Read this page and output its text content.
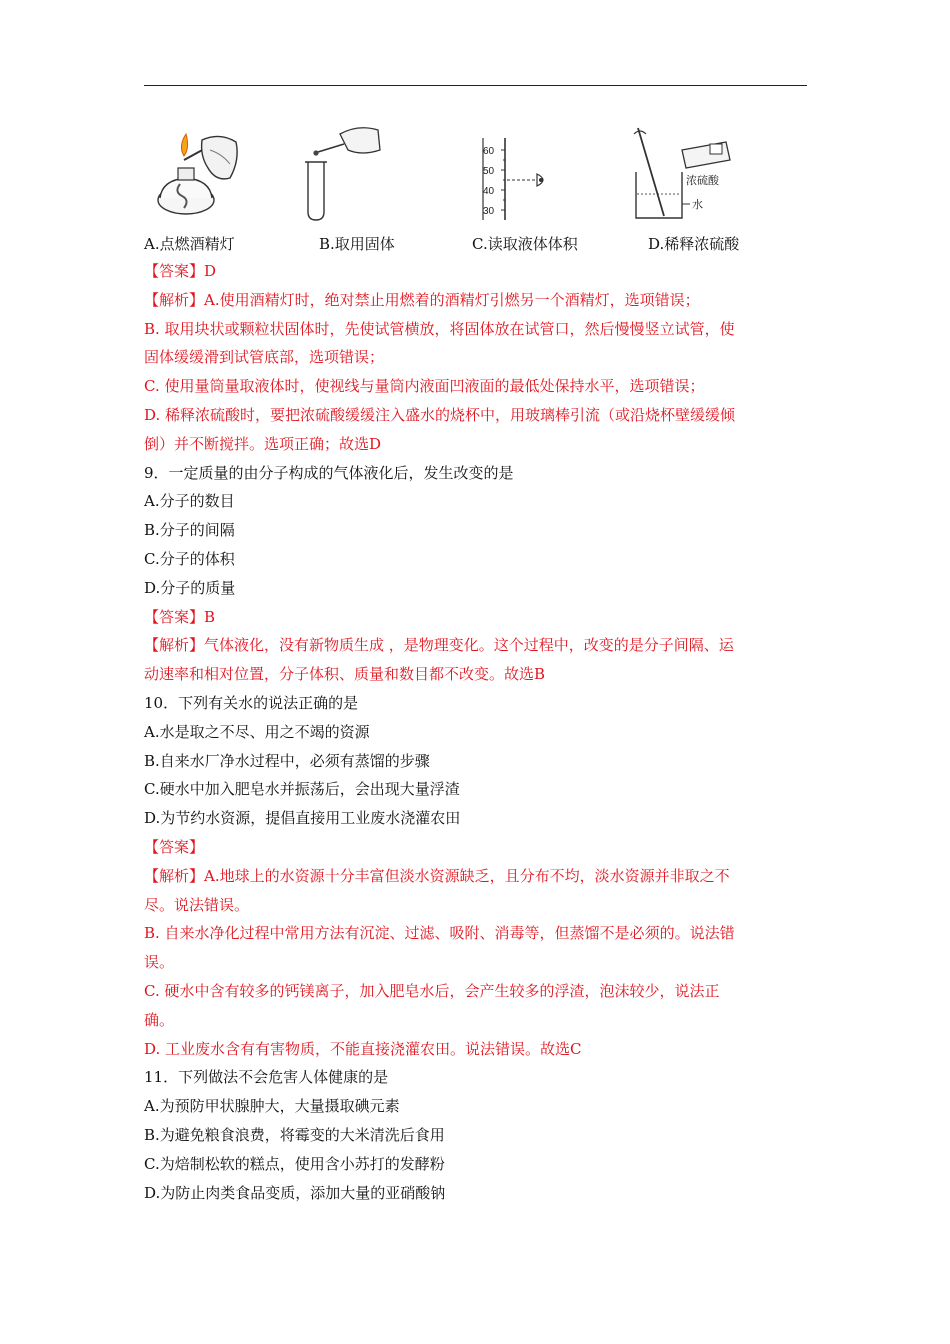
60
50
40
30
浓硫酸
水
A.点燃酒精灯	B.取用固体	C.读取液体体积	D.稀释浓硫酸
【答案】D
【解析】A.使用酒精灯时，绝对禁止用燃着的酒精灯引燃另一个酒精灯，选项错误；
B. 取用块状或颗粒状固体时，先使试管横放，将固体放在试管口，然后慢慢竖立试管，使
固体缓缓滑到试管底部，选项错误；
C. 使用量筒量取液体时，使视线与量筒内液面凹液面的最低处保持水平，选项错误；
D. 稀释浓硫酸时，要把浓硫酸缓缓注入盛水的烧杯中，用玻璃棒引流（或沿烧杯壁缓缓倾
倒）并不断搅拌。选项正确；故选D
9．一定质量的由分子构成的气体液化后，发生改变的是
A.分子的数目
B.分子的间隔
C.分子的体积
D.分子的质量
【答案】B
【解析】气体液化，没有新物质生成 ，是物理变化。这个过程中，改变的是分子间隔、运
动速率和相对位置，分子体积、质量和数目都不改变。故选B
10．下列有关水的说法正确的是
A.水是取之不尽、用之不竭的资源
B.自来水厂净水过程中，必须有蒸馏的步骤
C.硬水中加入肥皂水并振荡后，会出现大量浮渣
D.为节约水资源，提倡直接用工业废水浇灌农田
【答案】
【解析】A.地球上的水资源十分丰富但淡水资源缺乏，且分布不均，淡水资源并非取之不
尽。说法错误。
B. 自来水净化过程中常用方法有沉淀、过滤、吸附、消毒等，但蒸馏不是必须的。说法错
误。
C. 硬水中含有较多的钙镁离子，加入肥皂水后，会产生较多的浮渣，泡沫较少，说法正
确。
D. 工业废水含有有害物质，不能直接浇灌农田。说法错误。故选C
11．下列做法不会危害人体健康的是
A.为预防甲状腺肿大，大量摄取碘元素
B.为避免粮食浪费，将霉变的大米清洗后食用
C.为焙制松软的糕点，使用含小苏打的发酵粉
D.为防止肉类食品变质，添加大量的亚硝酸钠
